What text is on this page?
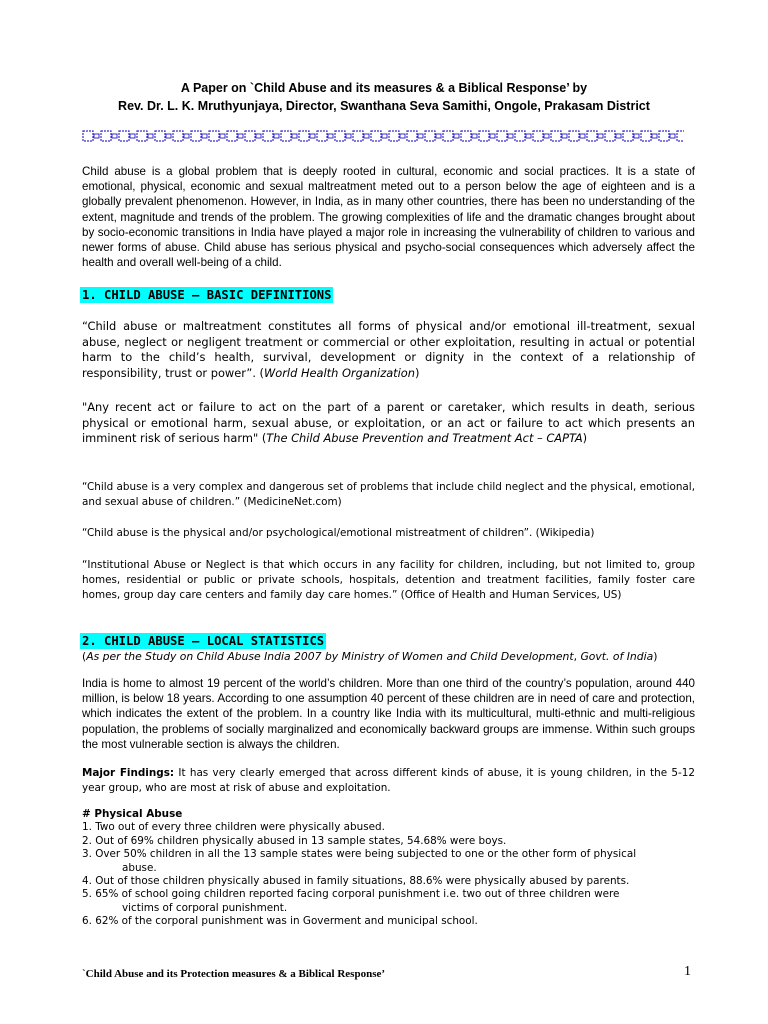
A Paper on `Child Abuse and its measures & a Biblical Response’ by
Rev. Dr. L. K. Mruthyunjaya, Director, Swanthana Seva Samithi, Ongole, Prakasam District

Child abuse is a global problem that is deeply rooted in cultural, economic and social practices. It is a state of emotional, physical, economic and sexual maltreatment meted out to a person below the age of eighteen and is a globally prevalent phenomenon. However, in India, as in many other countries, there has been no understanding of the extent, magnitude and trends of the problem. The growing complexities of life and the dramatic changes brought about by socio-economic transitions in India have played a major role in increasing the vulnerability of children to various and newer forms of abuse. Child abuse has serious physical and psycho-social consequences which adversely affect the health and overall well-being of a child.

1. CHILD ABUSE – BASIC DEFINITIONS

“Child abuse or maltreatment constitutes all forms of physical and/or emotional ill-treatment, sexual abuse, neglect or negligent treatment or commercial or other exploitation, resulting in actual or potential harm to the child’s health, survival, development or dignity in the context of a relationship of responsibility, trust or power”. (World Health Organization)

"Any recent act or failure to act on the part of a parent or caretaker, which results in death, serious physical or emotional harm, sexual abuse, or exploitation, or an act or failure to act which presents an imminent risk of serious harm" (The Child Abuse Prevention and Treatment Act – CAPTA)

“Child abuse is a very complex and dangerous set of problems that include child neglect and the physical, emotional, and sexual abuse of children.” (MedicineNet.com)

“Child abuse is the physical and/or psychological/emotional mistreatment of children”. (Wikipedia)

“Institutional Abuse or Neglect is that which occurs in any facility for children, including, but not limited to, group homes, residential or public or private schools, hospitals, detention and treatment facilities, family foster care homes, group day care centers and family day care homes.” (Office of Health and Human Services, US)

2. CHILD ABUSE – LOCAL STATISTICS
(As per the Study on Child Abuse India 2007 by Ministry of Women and Child Development, Govt. of India)

India is home to almost 19 percent of the world’s children. More than one third of the country’s population, around 440 million, is below 18 years. According to one assumption 40 percent of these children are in need of care and protection, which indicates the extent of the problem. In a country like India with its multicultural, multi-ethnic and multi-religious population, the problems of socially marginalized and economically backward groups are immense. Within such groups the most vulnerable section is always the children.

Major Findings: It has very clearly emerged that across different kinds of abuse, it is young children, in the 5-12 year group, who are most at risk of abuse and exploitation.

# Physical Abuse
1. Two out of every three children were physically abused.
2. Out of 69% children physically abused in 13 sample states, 54.68% were boys.
3. Over 50% children in all the 13 sample states were being subjected to one or the other form of physical
abuse.
4. Out of those children physically abused in family situations, 88.6% were physically abused by parents.
5. 65% of school going children reported facing corporal punishment i.e. two out of three children were
victims of corporal punishment.
6. 62% of the corporal punishment was in Goverment and municipal school.
`Child Abuse and its Protection measures & a Biblical Response’	1
